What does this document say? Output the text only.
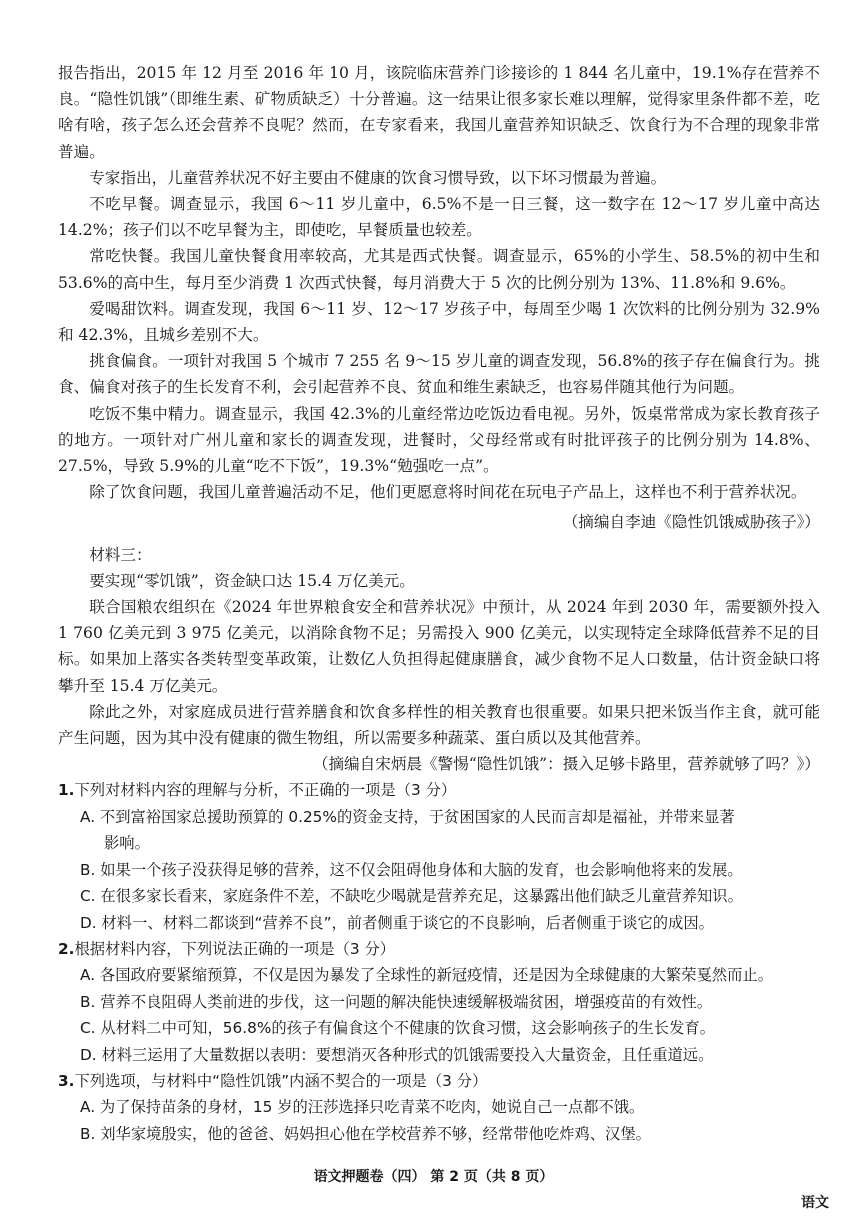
报告指出，2015 年 12 月至 2016 年 10 月，该院临床营养门诊接诊的 1 844 名儿童中，19.1%存在营养不良。“隐性饥饿”（即维生素、矿物质缺乏）十分普遍。这一结果让很多家长难以理解，觉得家里条件都不差，吃啥有啥，孩子怎么还会营养不良呢？然而，在专家看来，我国儿童营养知识缺乏、饮食行为不合理的现象非常普遍。

专家指出，儿童营养状况不好主要由不健康的饮食习惯导致，以下坏习惯最为普遍。

不吃早餐。调查显示，我国 6～11 岁儿童中，6.5%不是一日三餐，这一数字在 12～17 岁儿童中高达 14.2%；孩子们以不吃早餐为主，即使吃，早餐质量也较差。

常吃快餐。我国儿童快餐食用率较高，尤其是西式快餐。调查显示，65%的小学生、58.5%的初中生和 53.6%的高中生，每月至少消费 1 次西式快餐，每月消费大于 5 次的比例分别为 13%、11.8%和 9.6%。

爱喝甜饮料。调查发现，我国 6～11 岁、12～17 岁孩子中，每周至少喝 1 次饮料的比例分别为 32.9%和 42.3%，且城乡差别不大。

挑食偏食。一项针对我国 5 个城市 7 255 名 9～15 岁儿童的调查发现，56.8%的孩子存在偏食行为。挑食、偏食对孩子的生长发育不利，会引起营养不良、贫血和维生素缺乏，也容易伴随其他行为问题。

吃饭不集中精力。调查显示，我国 42.3%的儿童经常边吃饭边看电视。另外，饭桌常常成为家长教育孩子的地方。一项针对广州儿童和家长的调查发现，进餐时，父母经常或有时批评孩子的比例分别为 14.8%、27.5%，导致 5.9%的儿童“吃不下饭”，19.3%“勉强吃一点”。

除了饮食问题，我国儿童普遍活动不足，他们更愿意将时间花在玩电子产品上，这样也不利于营养状况。

（摘编自李迪《隐性饥饿威胁孩子》）

材料三：

要实现“零饥饿”，资金缺口达 15.4 万亿美元。

联合国粮农组织在《2024 年世界粮食安全和营养状况》中预计，从 2024 年到 2030 年，需要额外投入 1 760 亿美元到 3 975 亿美元，以消除食物不足；另需投入 900 亿美元，以实现特定全球降低营养不足的目标。如果加上落实各类转型变革政策，让数亿人负担得起健康膳食，减少食物不足人口数量，估计资金缺口将攀升至 15.4 万亿美元。

除此之外，对家庭成员进行营养膳食和饮食多样性的相关教育也很重要。如果只把米饭当作主食，就可能产生问题，因为其中没有健康的微生物组，所以需要多种蔬菜、蛋白质以及其他营养。

（摘编自宋炳晨《警惕“隐性饥饿”：摄入足够卡路里，营养就够了吗？》）

1.下列对材料内容的理解与分析，不正确的一项是（3 分）

A. 不到富裕国家总援助预算的 0.25%的资金支持，于贫困国家的人民而言却是福祉，并带来显著

影响。

B. 如果一个孩子没获得足够的营养，这不仅会阻碍他身体和大脑的发育，也会影响他将来的发展。

C. 在很多家长看来，家庭条件不差，不缺吃少喝就是营养充足，这暴露出他们缺乏儿童营养知识。

D. 材料一、材料二都谈到“营养不良”，前者侧重于谈它的不良影响，后者侧重于谈它的成因。

2.根据材料内容，下列说法正确的一项是（3 分）

A. 各国政府要紧缩预算，不仅是因为暴发了全球性的新冠疫情，还是因为全球健康的大繁荣戛然而止。

B. 营养不良阻碍人类前进的步伐，这一问题的解决能快速缓解极端贫困，增强疫苗的有效性。

C. 从材料二中可知，56.8%的孩子有偏食这个不健康的饮食习惯，这会影响孩子的生长发育。

D. 材料三运用了大量数据以表明：要想消灭各种形式的饥饿需要投入大量资金，且任重道远。

3.下列选项，与材料中“隐性饥饿”内涵不契合的一项是（3 分）

A. 为了保持苗条的身材，15 岁的汪莎选择只吃青菜不吃肉，她说自己一点都不饿。

B. 刘华家境殷实，他的爸爸、妈妈担心他在学校营养不够，经常带他吃炸鸡、汉堡。

语文押题卷（四） 第 2 页（共 8 页）
语文
